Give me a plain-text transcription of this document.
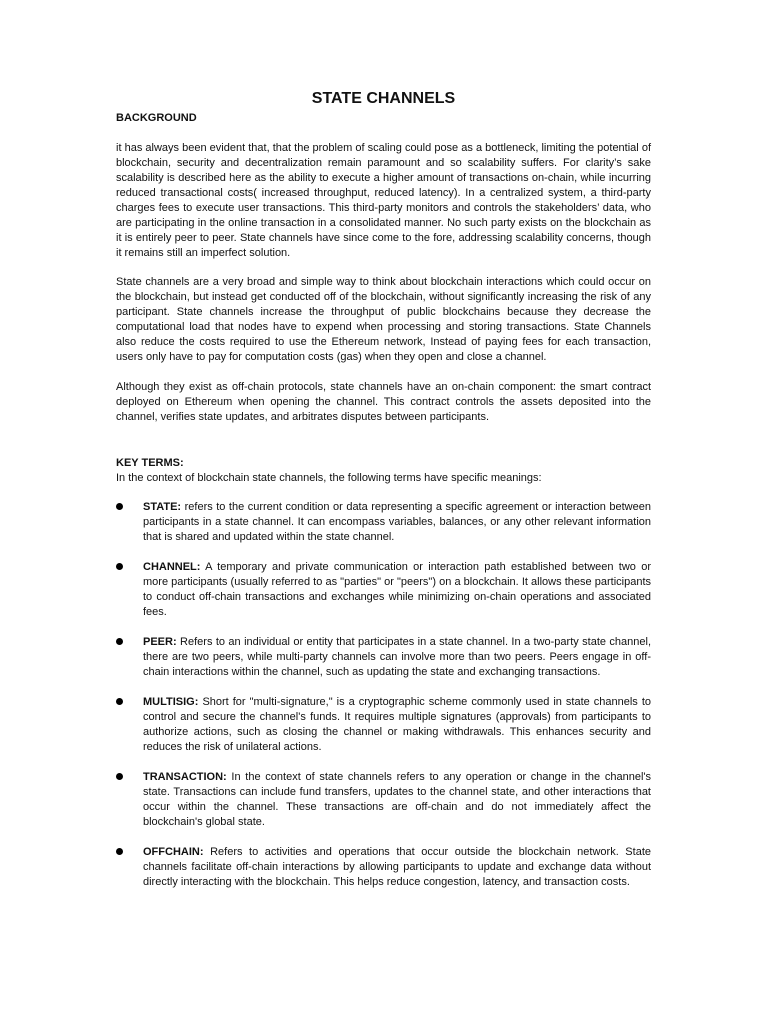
STATE CHANNELS

BACKGROUND

it has always been evident that, that the problem of scaling could pose as a bottleneck, limiting the potential of blockchain, security and decentralization remain paramount and so scalability suffers. For clarity’s sake scalability is described here as the ability to execute a higher amount of transactions on-chain, while incurring reduced transactional costs( increased throughput, reduced latency). In a centralized system, a third-party charges fees to execute user transactions. This third-party monitors and controls the stakeholders’ data, who are participating in the online transaction in a consolidated manner. No such party exists on the blockchain as it is entirely peer to peer. State channels have since come to the fore, addressing scalability concerns, though it remains still an imperfect solution.

State channels are a very broad and simple way to think about blockchain interactions which could occur on the blockchain, but instead get conducted off of the blockchain, without significantly increasing the risk of any participant. State channels increase the throughput of public blockchains because they decrease the computational load that nodes have to expend when processing and storing transactions. State Channels also reduce the costs required to use the Ethereum network, Instead of paying fees for each transaction, users only have to pay for computation costs (gas) when they open and close a channel.

Although they exist as off-chain protocols, state channels have an on-chain component: the smart contract deployed on Ethereum when opening the channel. This contract controls the assets deposited into the channel, verifies state updates, and arbitrates disputes between participants.

KEY TERMS:

In the context of blockchain state channels, the following terms have specific meanings:

STATE: refers to the current condition or data representing a specific agreement or interaction between participants in a state channel. It can encompass variables, balances, or any other relevant information that is shared and updated within the state channel.
CHANNEL: A temporary and private communication or interaction path established between two or more participants (usually referred to as "parties" or "peers") on a blockchain. It allows these participants to conduct off-chain transactions and exchanges while minimizing on-chain operations and associated fees.
PEER: Refers to an individual or entity that participates in a state channel. In a two-party state channel, there are two peers, while multi-party channels can involve more than two peers. Peers engage in off-chain interactions within the channel, such as updating the state and exchanging transactions.
MULTISIG: Short for "multi-signature," is a cryptographic scheme commonly used in state channels to control and secure the channel's funds. It requires multiple signatures (approvals) from participants to authorize actions, such as closing the channel or making withdrawals. This enhances security and reduces the risk of unilateral actions.
TRANSACTION: In the context of state channels refers to any operation or change in the channel's state. Transactions can include fund transfers, updates to the channel state, and other interactions that occur within the channel. These transactions are off-chain and do not immediately affect the blockchain's global state.
OFFCHAIN: Refers to activities and operations that occur outside the blockchain network. State channels facilitate off-chain interactions by allowing participants to update and exchange data without directly interacting with the blockchain. This helps reduce congestion, latency, and transaction costs.
